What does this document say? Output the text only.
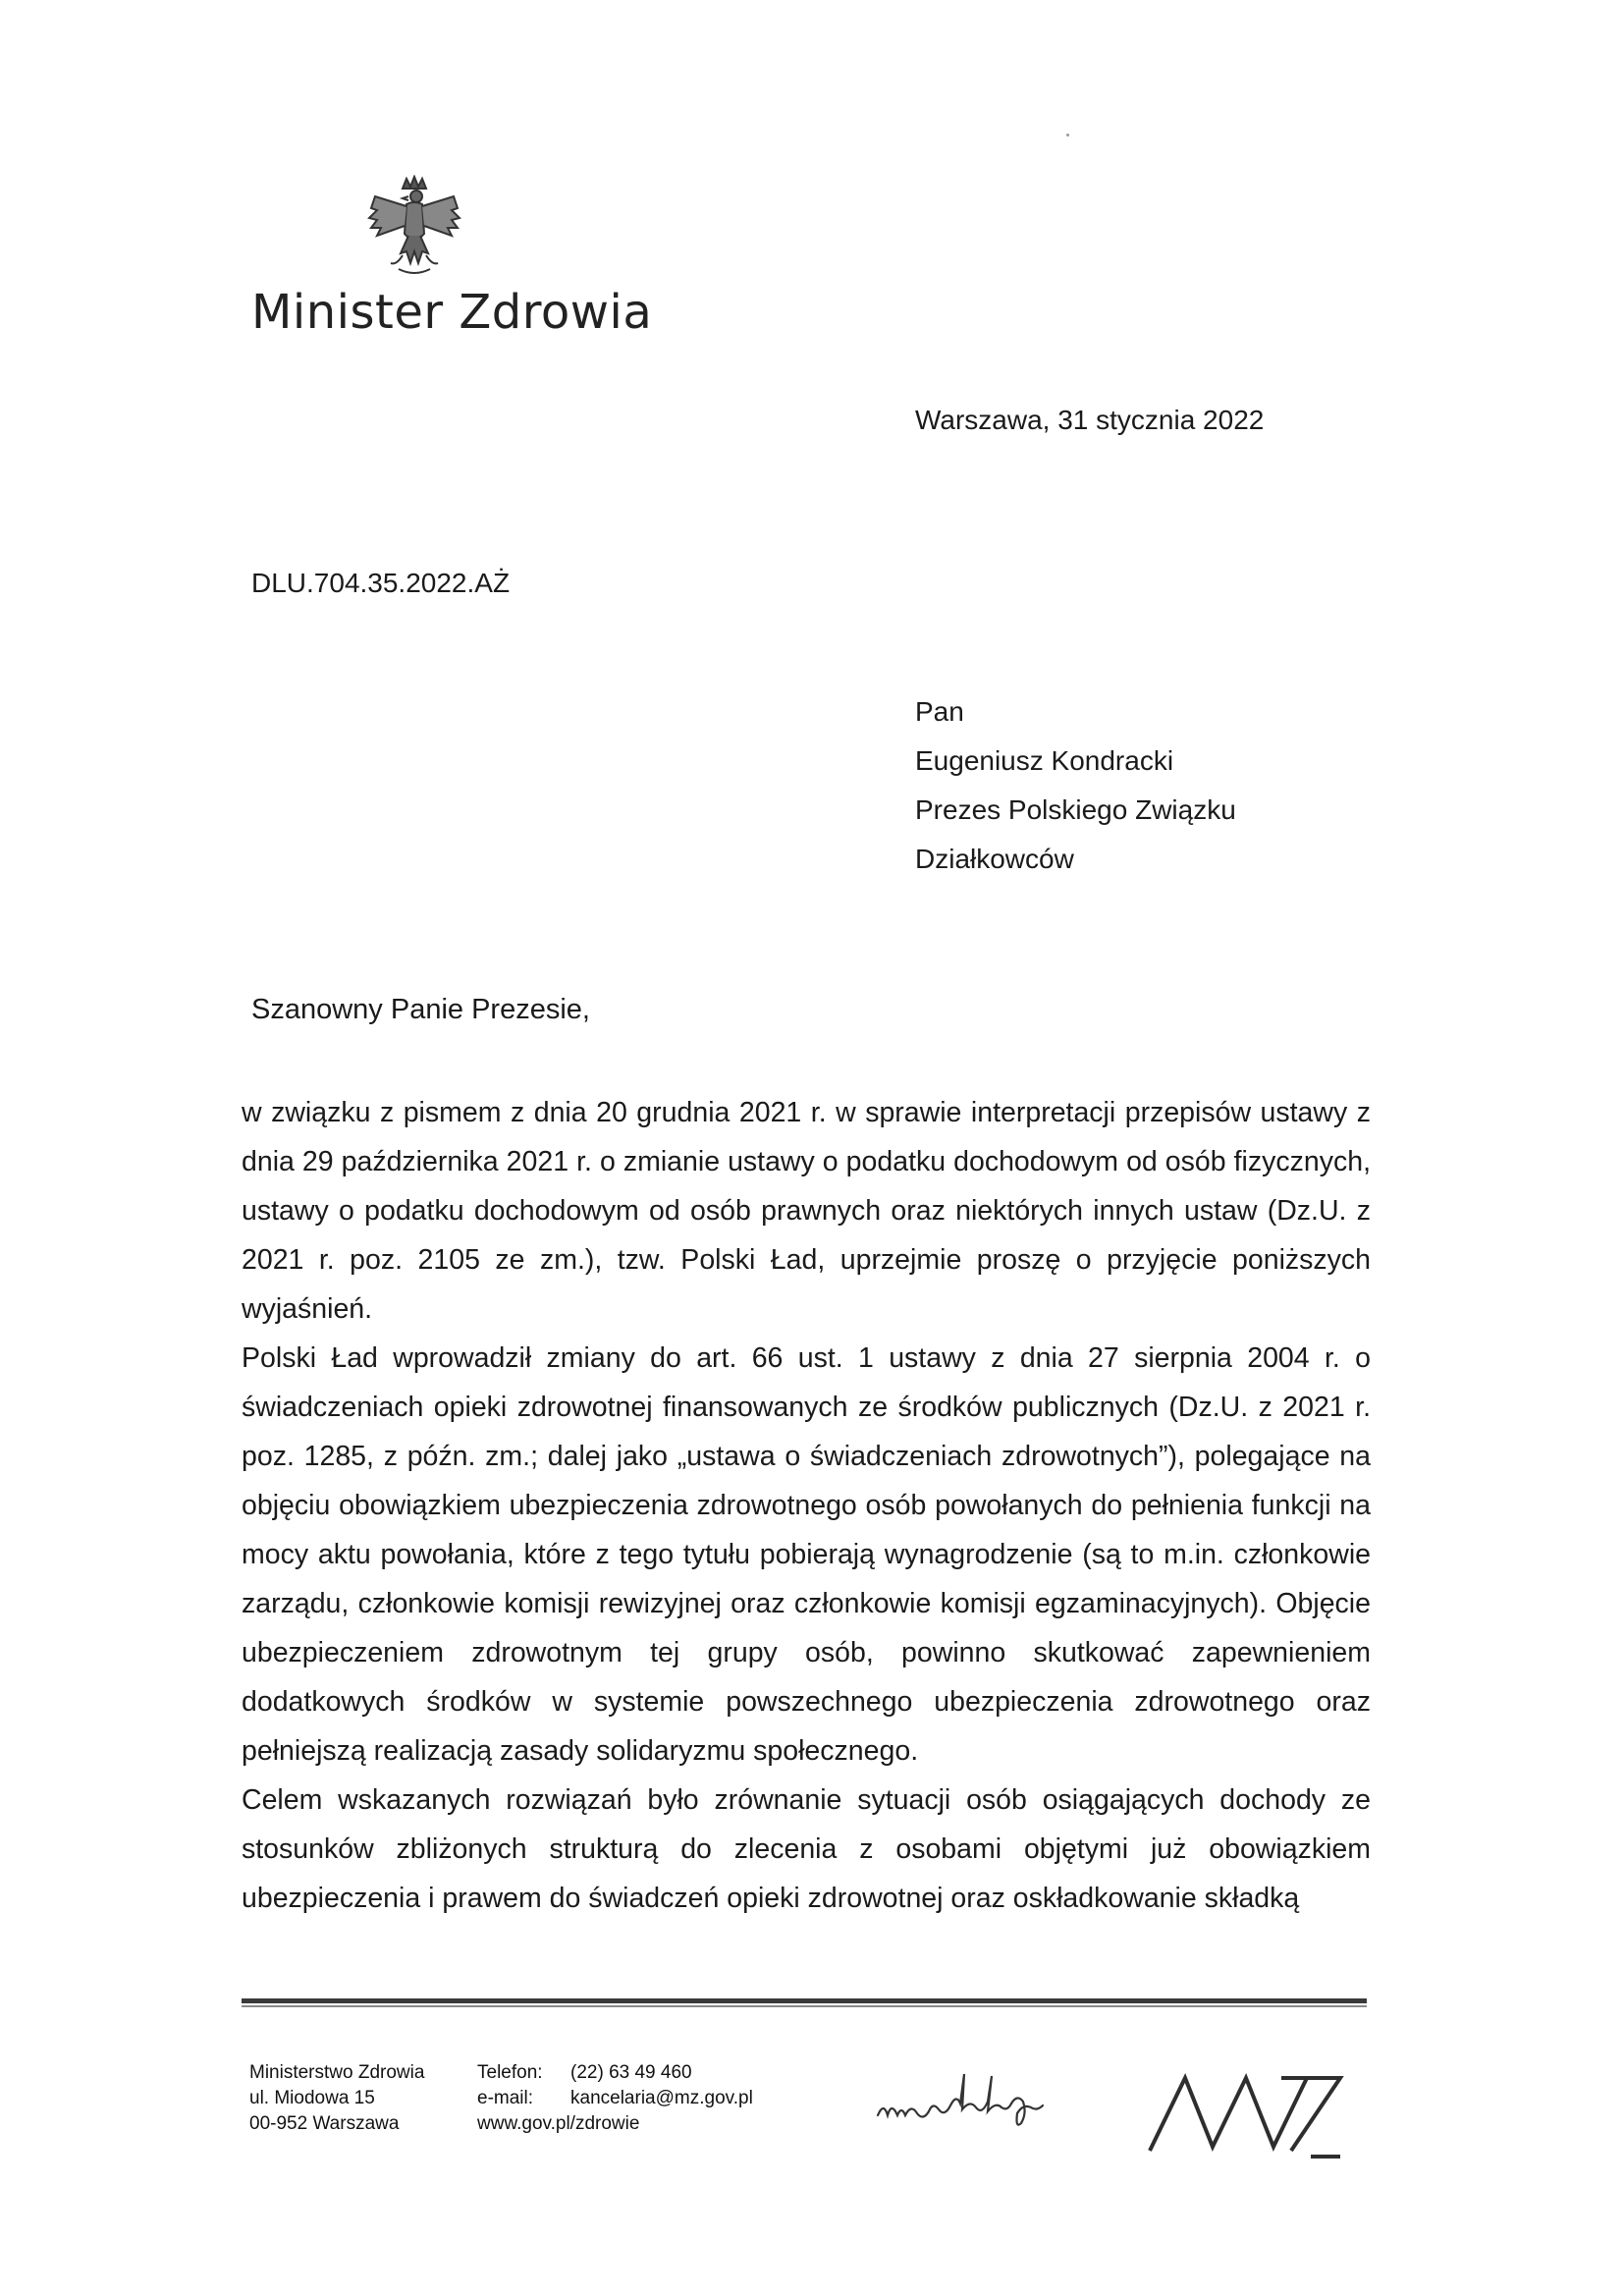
Minister Zdrowia
Warszawa, 31 stycznia 2022
DLU.704.35.2022.AŻ
Pan
Eugeniusz Kondracki
Prezes Polskiego Związku
Działkowców
Szanowny Panie Prezesie,

w związku z pismem z dnia 20 grudnia 2021 r. w sprawie interpretacji przepisów ustawy z dnia 29 października 2021 r. o zmianie ustawy o podatku dochodowym od osób fizycznych, ustawy o podatku dochodowym od osób prawnych oraz niektórych innych ustaw (Dz.U. z 2021 r. poz. 2105 ze zm.), tzw. Polski Ład, uprzejmie proszę o przyjęcie poniższych wyjaśnień.

Polski Ład wprowadził zmiany do art. 66 ust. 1 ustawy z dnia 27 sierpnia 2004 r. o świadczeniach opieki zdrowotnej finansowanych ze środków publicznych (Dz.U. z 2021 r. poz. 1285, z późn. zm.; dalej jako „ustawa o świadczeniach zdrowotnych”), polegające na objęciu obowiązkiem ubezpieczenia zdrowotnego osób powołanych do pełnienia funkcji na mocy aktu powołania, które z tego tytułu pobierają wynagrodzenie (są to m.in. członkowie zarządu, członkowie komisji rewizyjnej oraz członkowie komisji egzaminacyjnych). Objęcie ubezpieczeniem zdrowotnym tej grupy osób, powinno skutkować zapewnieniem dodatkowych środków w systemie powszechnego ubezpieczenia zdrowotnego oraz pełniejszą realizacją zasady solidaryzmu społecznego.

Celem wskazanych rozwiązań było zrównanie sytuacji osób osiągających dochody ze stosunków zbliżonych strukturą do zlecenia z osobami objętymi już obowiązkiem ubezpieczenia i prawem do świadczeń opieki zdrowotnej oraz oskładkowanie składką

Ministerstwo Zdrowia
ul. Miodowa 15
00-952 Warszawa
Telefon:	(22) 63 49 460
e-mail:	kancelaria@mz.gov.pl
www.gov.pl/zdrowie
